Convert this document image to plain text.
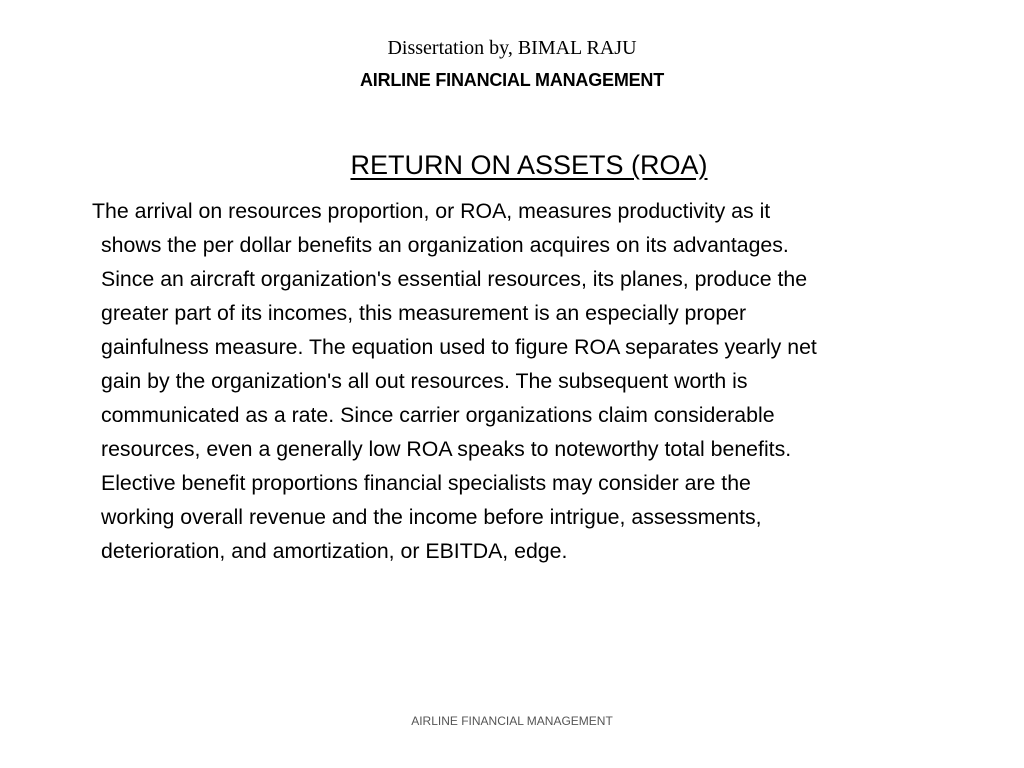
Dissertation by, BIMAL RAJU
AIRLINE FINANCIAL MANAGEMENT
RETURN ON ASSETS (ROA)
The arrival on resources proportion, or ROA, measures productivity as it
shows the per dollar benefits an organization acquires on its advantages.
Since an aircraft organization's essential resources, its planes, produce the
greater part of its incomes, this measurement is an especially proper
gainfulness measure. The equation used to figure ROA separates yearly net
gain by the organization's all out resources. The subsequent worth is
communicated as a rate. Since carrier organizations claim considerable
resources, even a generally low ROA speaks to noteworthy total benefits.
Elective benefit proportions financial specialists may consider are the
working overall revenue and the income before intrigue, assessments,
deterioration, and amortization, or EBITDA, edge.
AIRLINE FINANCIAL MANAGEMENT
